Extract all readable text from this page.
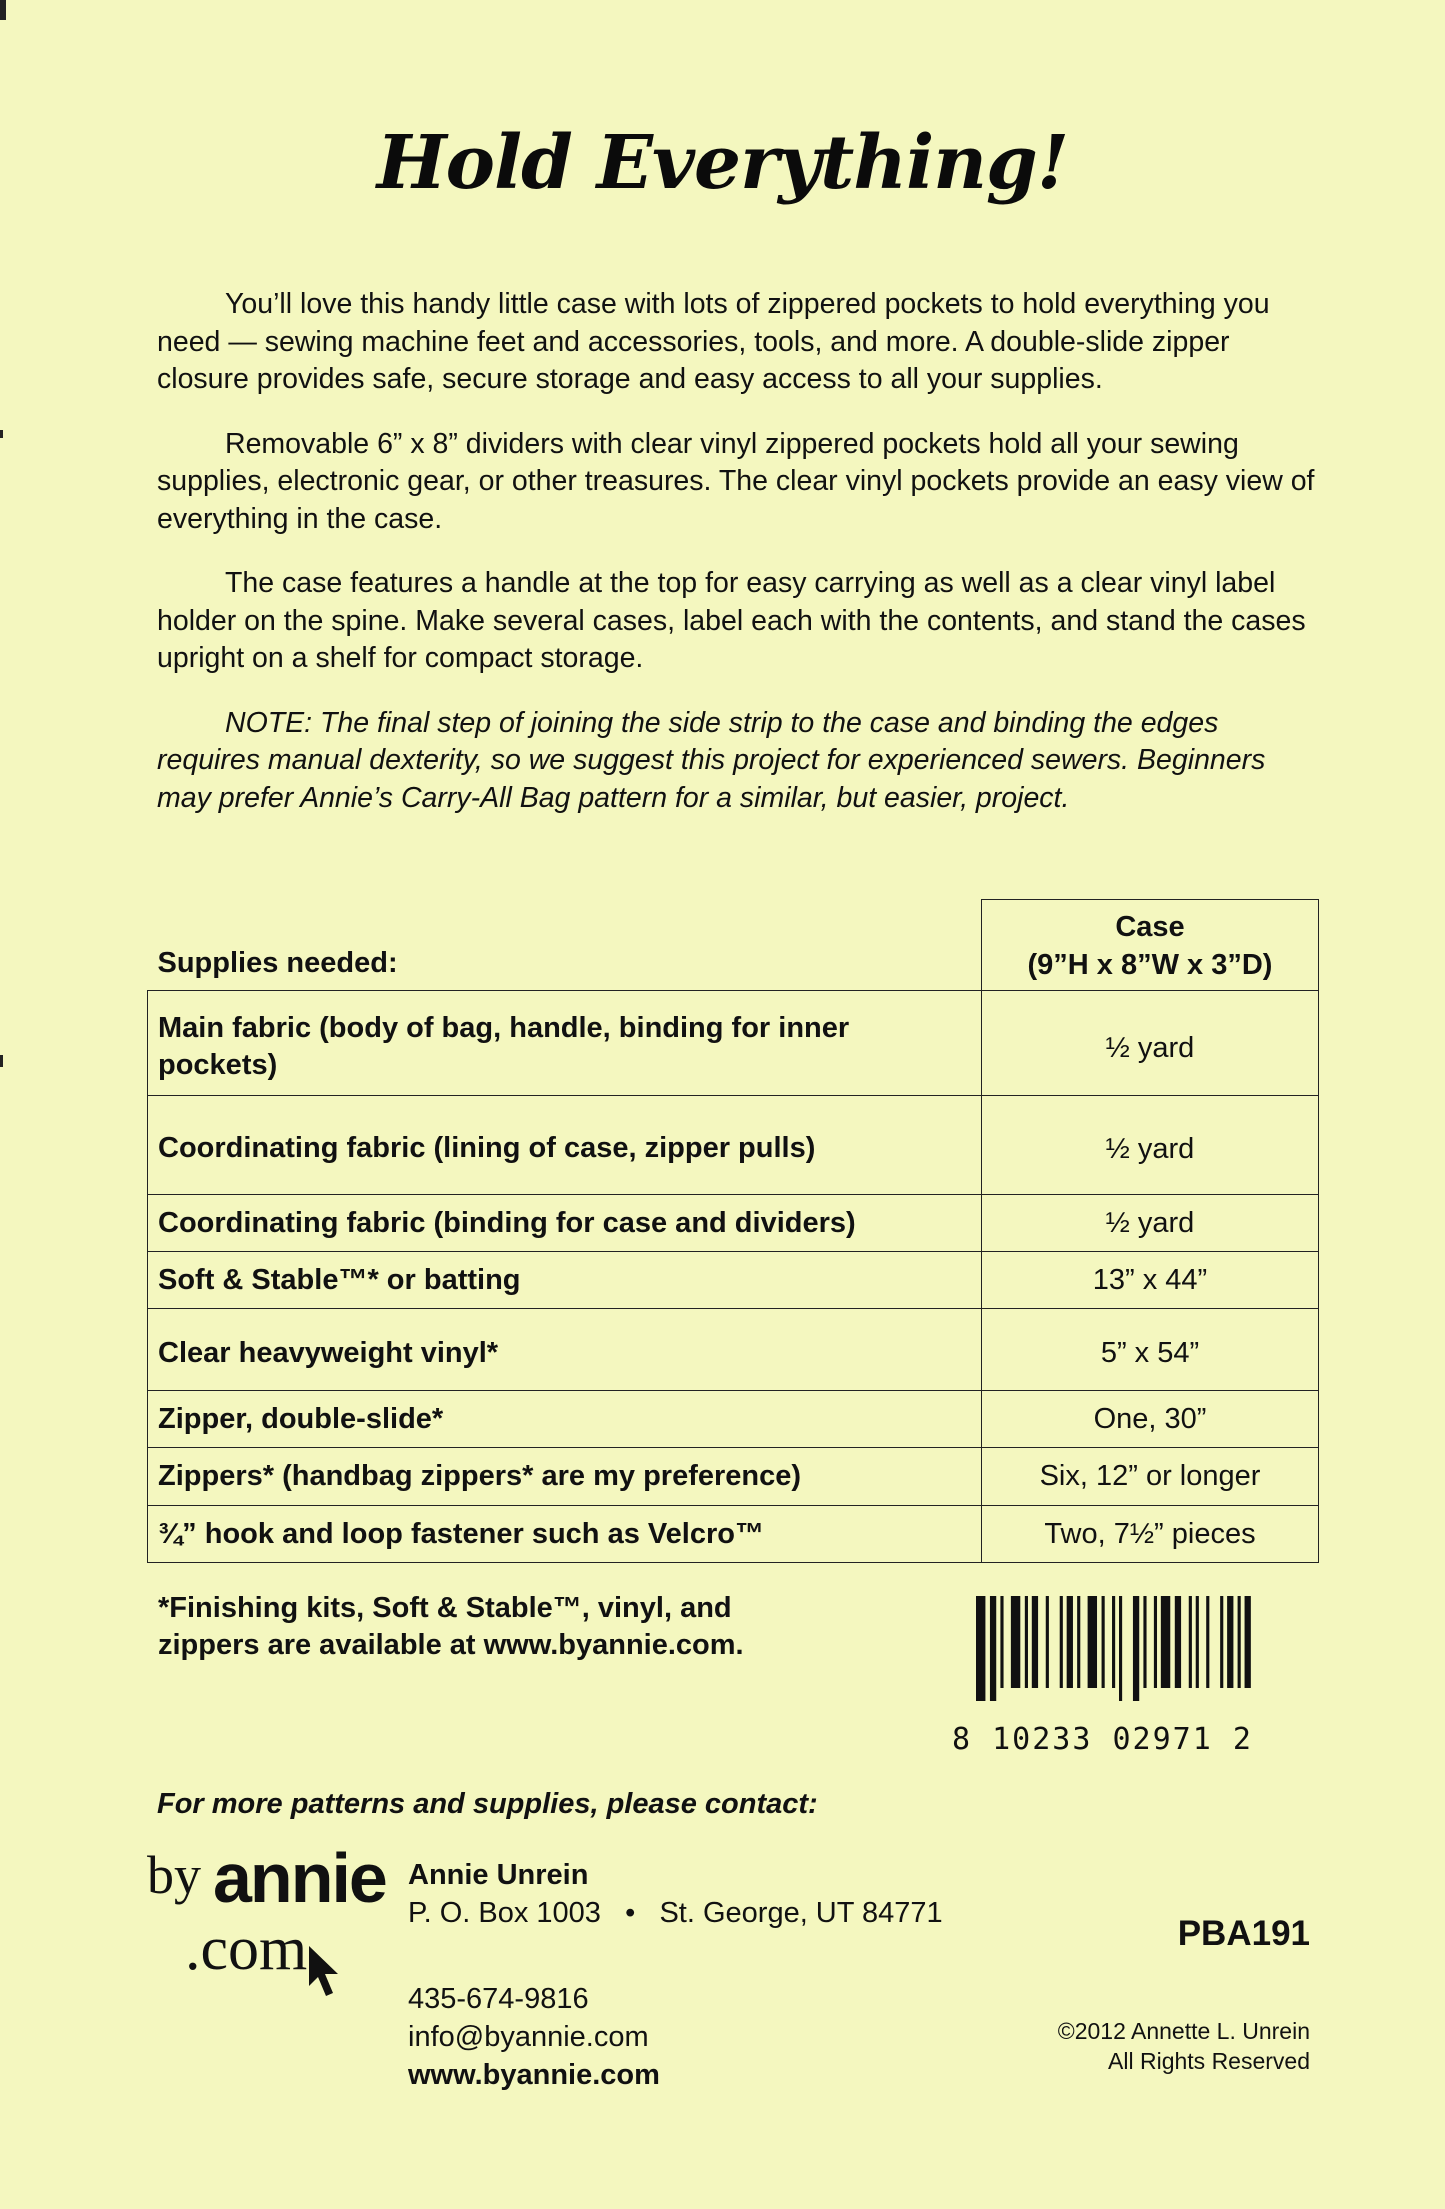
Hold Everything!

You’ll love this handy little case with lots of zippered pockets to hold everything you need — sewing machine feet and accessories, tools, and more. A double-slide zipper closure provides safe, secure storage and easy access to all your supplies.

Removable 6” x 8” dividers with clear vinyl zippered pockets hold all your sewing supplies, electronic gear, or other treasures. The clear vinyl pockets provide an easy view of everything in the case.

The case features a handle at the top for easy carrying as well as a clear vinyl label holder on the spine. Make several cases, label each with the contents, and stand the cases upright on a shelf for compact storage.

NOTE: The final step of joining the side strip to the case and binding the edges requires manual dexterity, so we suggest this project for experienced sewers. Beginners may prefer Annie’s Carry-All Bag pattern for a similar, but easier, project.

Supplies needed:	Case
(9”H x 8”W x 3”D)

Main fabric (body of bag, handle, binding for inner pockets)	½ yard
Coordinating fabric (lining of case, zipper pulls)	½ yard
Coordinating fabric (binding for case and dividers)	½ yard
Soft & Stable™* or batting	13” x 44”
Clear heavyweight vinyl*	5” x 54”
Zipper, double-slide*	One, 30”
Zippers* (handbag zippers* are my preference)	Six, 12” or longer
¾” hook and loop fastener such as Velcro™	Two, 7½” pieces
*Finishing kits, Soft & Stable™, vinyl, and
zippers are available at www.byannie.com.
8 10233 02971 2
For more patterns and supplies, please contact:
by annie
.com
Annie Unrein
P. O. Box 1003   •   St. George, UT 84771
435-674-9816
info@byannie.com
www.byannie.com
PBA191
©2012 Annette L. Unrein
All Rights Reserved
